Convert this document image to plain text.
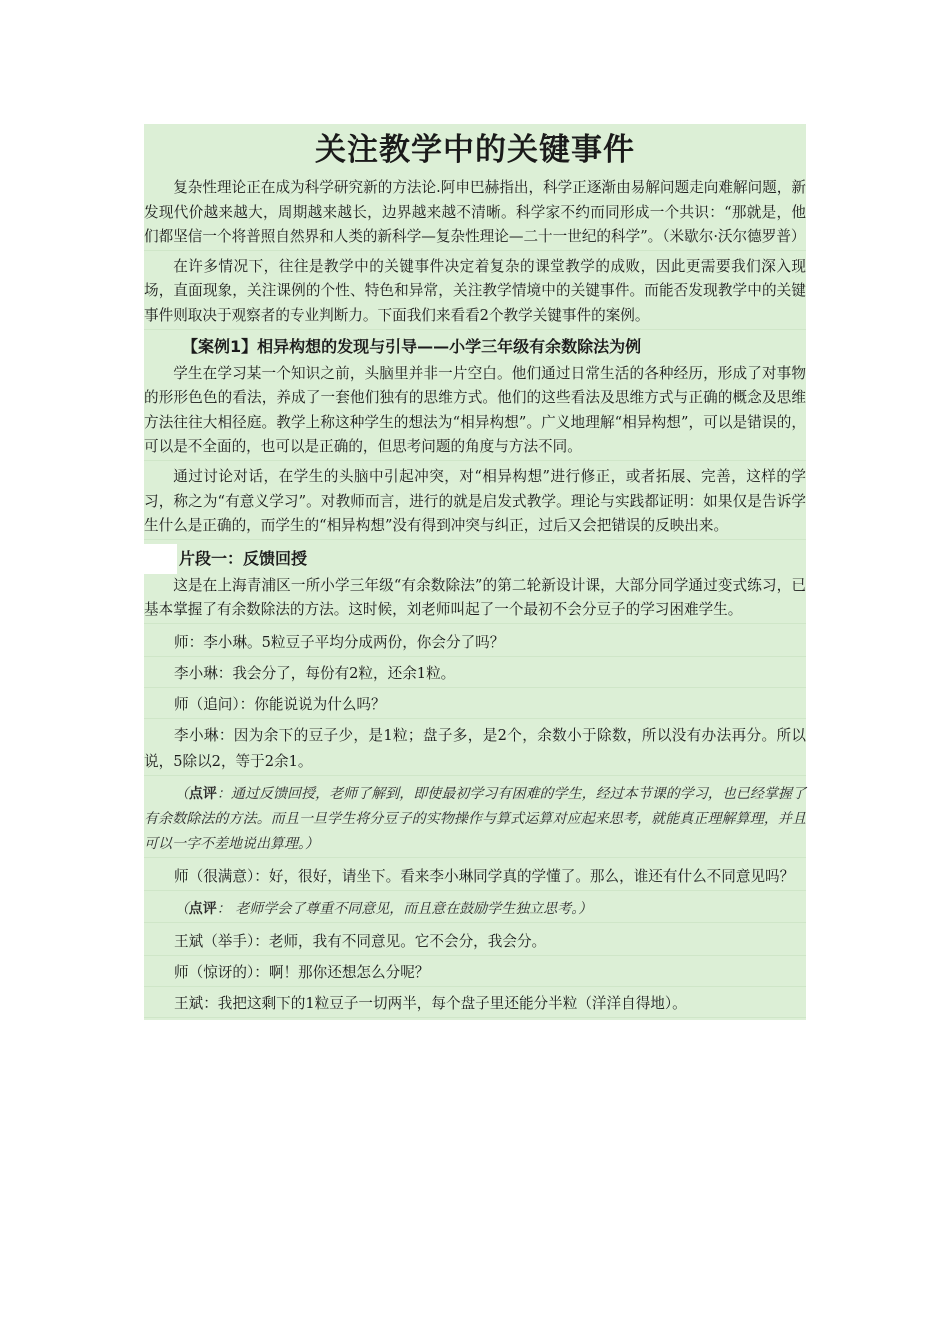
关注教学中的关键事件

复杂性理论正在成为科学研究新的方法论.阿申巴赫指出，科学正逐渐由易解问题走向难解问题，新发现代价越来越大，周期越来越长，边界越来越不清晰。科学家不约而同形成一个共识：“那就是，他们都坚信一个将普照自然界和人类的新科学—复杂性理论—二十一世纪的科学”。（米歇尔·沃尔德罗普）

在许多情况下，往往是教学中的关键事件决定着复杂的课堂教学的成败，因此更需要我们深入现场，直面现象，关注课例的个性、特色和异常，关注教学情境中的关键事件。而能否发现教学中的关键事件则取决于观察者的专业判断力。下面我们来看看2个教学关键事件的案例。

【案例1】相异构想的发现与引导——小学三年级有余数除法为例

学生在学习某一个知识之前，头脑里并非一片空白。他们通过日常生活的各种经历，形成了对事物的形形色色的看法，养成了一套他们独有的思维方式。他们的这些看法及思维方式与正确的概念及思维方法往往大相径庭。教学上称这种学生的想法为“相异构想”。广义地理解“相异构想”，可以是错误的，可以是不全面的，也可以是正确的，但思考问题的角度与方法不同。

通过讨论对话，在学生的头脑中引起冲突，对“相异构想”进行修正，或者拓展、完善，这样的学习，称之为“有意义学习”。对教师而言，进行的就是启发式教学。理论与实践都证明：如果仅是告诉学生什么是正确的，而学生的“相异构想”没有得到冲突与纠正，过后又会把错误的反映出来。

片段一：反馈回授

这是在上海青浦区一所小学三年级“有余数除法”的第二轮新设计课，大部分同学通过变式练习，已基本掌握了有余数除法的方法。这时候，刘老师叫起了一个最初不会分豆子的学习困难学生。

师：李小琳。5粒豆子平均分成两份，你会分了吗？

李小琳：我会分了，每份有2粒，还余1粒。

师（追问）：你能说说为什么吗？

李小琳：因为余下的豆子少，是1粒；盘子多，是2个，余数小于除数，所以没有办法再分。所以说，5除以2，等于2余1。

（点评：通过反馈回授，老师了解到，即使最初学习有困难的学生，经过本节课的学习，也已经掌握了有余数除法的方法。而且一旦学生将分豆子的实物操作与算式运算对应起来思考，就能真正理解算理，并且可以一字不差地说出算理。）

师（很满意）：好，很好，请坐下。看来李小琳同学真的学懂了。那么，谁还有什么不同意见吗？

（点评： 老师学会了尊重不同意见，而且意在鼓励学生独立思考。）

王斌（举手）：老师，我有不同意见。它不会分，我会分。

师（惊讶的）：啊！那你还想怎么分呢？

王斌：我把这剩下的1粒豆子一切两半，每个盘子里还能分半粒（洋洋自得地）。
